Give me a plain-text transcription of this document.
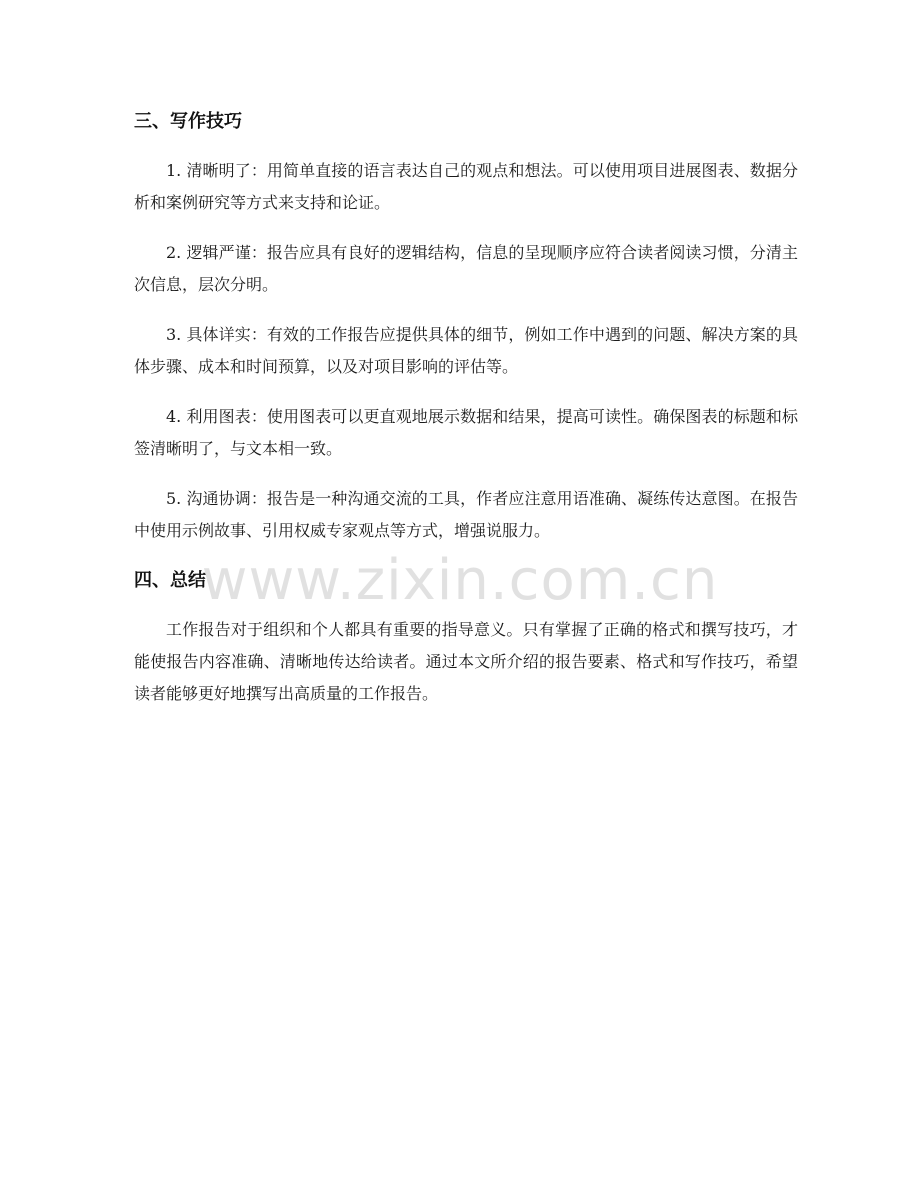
三、写作技巧

1. 清晰明了：用简单直接的语言表达自己的观点和想法。可以使用项目进展图表、数据分析和案例研究等方式来支持和论证。

2. 逻辑严谨：报告应具有良好的逻辑结构，信息的呈现顺序应符合读者阅读习惯，分清主次信息，层次分明。

3. 具体详实：有效的工作报告应提供具体的细节，例如工作中遇到的问题、解决方案的具体步骤、成本和时间预算，以及对项目影响的评估等。

4. 利用图表：使用图表可以更直观地展示数据和结果，提高可读性。确保图表的标题和标签清晰明了，与文本相一致。

5. 沟通协调：报告是一种沟通交流的工具，作者应注意用语准确、凝练传达意图。在报告中使用示例故事、引用权威专家观点等方式，增强说服力。

四、总结

工作报告对于组织和个人都具有重要的指导意义。只有掌握了正确的格式和撰写技巧，才能使报告内容准确、清晰地传达给读者。通过本文所介绍的报告要素、格式和写作技巧，希望读者能够更好地撰写出高质量的工作报告。

www.zixin.com.cn
